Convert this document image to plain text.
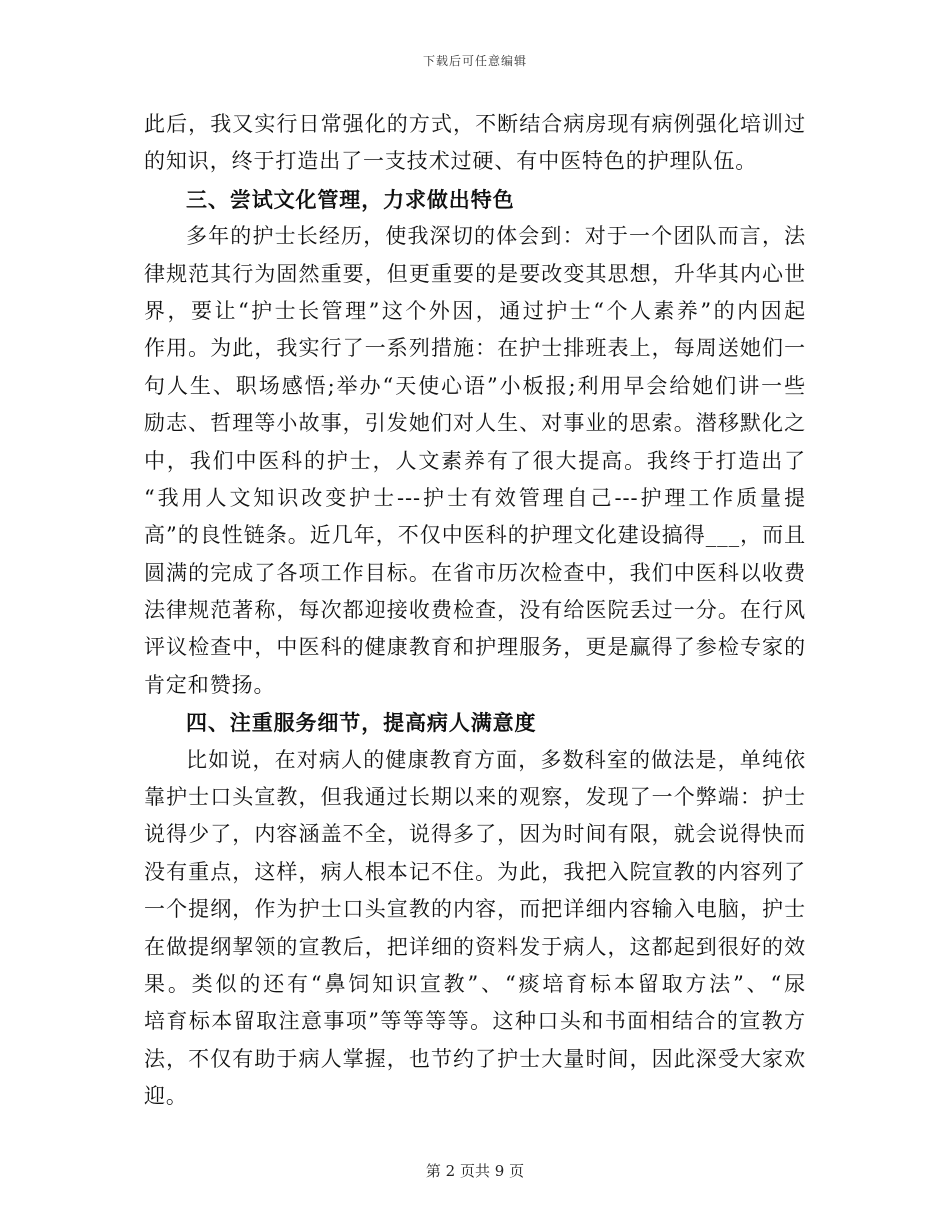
下载后可任意编辑
此后，我又实行日常强化的方式，不断结合病房现有病例强化培训过
的知识，终于打造出了一支技术过硬、有中医特色的护理队伍。
三、尝试文化管理，力求做出特色
多年的护士长经历，使我深切的体会到：对于一个团队而言，法
律规范其行为固然重要，但更重要的是要改变其思想，升华其内心世
界，要让“护士长管理”这个外因，通过护士“个人素养”的内因起
作用。为此，我实行了一系列措施：在护士排班表上，每周送她们一
句人生、职场感悟;举办“天使心语”小板报;利用早会给她们讲一些
励志、哲理等小故事，引发她们对人生、对事业的思索。潜移默化之
中，我们中医科的护士，人文素养有了很大提高。我终于打造出了
“我用人文知识改变护士---护士有效管理自己---护理工作质量提
高”的良性链条。近几年，不仅中医科的护理文化建设搞得___，而且
圆满的完成了各项工作目标。在省市历次检查中，我们中医科以收费
法律规范著称，每次都迎接收费检查，没有给医院丢过一分。在行风
评议检查中，中医科的健康教育和护理服务，更是赢得了参检专家的
肯定和赞扬。
四、注重服务细节，提高病人满意度
比如说，在对病人的健康教育方面，多数科室的做法是，单纯依
靠护士口头宣教，但我通过长期以来的观察，发现了一个弊端：护士
说得少了，内容涵盖不全，说得多了，因为时间有限，就会说得快而
没有重点，这样，病人根本记不住。为此，我把入院宣教的内容列了
一个提纲，作为护士口头宣教的内容，而把详细内容输入电脑，护士
在做提纲挈领的宣教后，把详细的资料发于病人，这都起到很好的效
果。类似的还有“鼻饲知识宣教”、“痰培育标本留取方法”、“尿
培育标本留取注意事项”等等等等。这种口头和书面相结合的宣教方
法，不仅有助于病人掌握，也节约了护士大量时间，因此深受大家欢
迎。
第 2 页共 9 页
